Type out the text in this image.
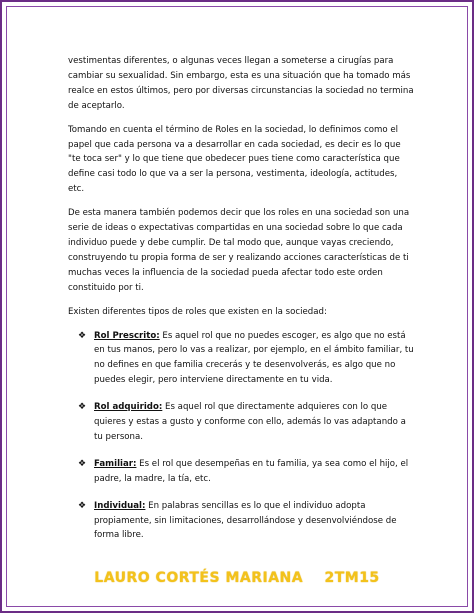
vestimentas diferentes, o algunas veces llegan a someterse a cirugías para cambiar su sexualidad. Sin embargo, esta es una situación que ha tomado más realce en estos últimos, pero por diversas circunstancias la sociedad no termina de aceptarlo.

Tomando en cuenta el término de Roles en la sociedad, lo definimos como el papel que cada persona va a desarrollar en cada sociedad, es decir es lo que "te toca ser" y lo que tiene que obedecer pues tiene como característica que define casi todo lo que va a ser la persona, vestimenta, ideología, actitudes, etc.

De esta manera también podemos decir que los roles en una sociedad son una serie de ideas o expectativas compartidas en una sociedad sobre lo que cada individuo puede y debe cumplir. De tal modo que, aunque vayas creciendo, construyendo tu propia forma de ser y realizando acciones características de ti muchas veces la influencia de la sociedad pueda afectar todo este orden constituido por ti.

Existen diferentes tipos de roles que existen en la sociedad:

❖ Rol Prescrito: Es aquel rol que no puedes escoger, es algo que no está en tus manos, pero lo vas a realizar, por ejemplo, en el ámbito familiar, tu no defines en que familia crecerás y te desenvolverás, es algo que no puedes elegir, pero interviene directamente en tu vida.
❖ Rol adquirido: Es aquel rol que directamente adquieres con lo que quieres y estas a gusto y conforme con ello, además lo vas adaptando a tu persona.
❖ Familiar: Es el rol que desempeñas en tu familia, ya sea como el hijo, el padre, la madre, la tía, etc.
❖ Individual: En palabras sencillas es lo que el individuo adopta propiamente, sin limitaciones, desarrollándose y desenvolviéndose de forma libre.
LAURO CORTÉS MARIANA 2TM15
